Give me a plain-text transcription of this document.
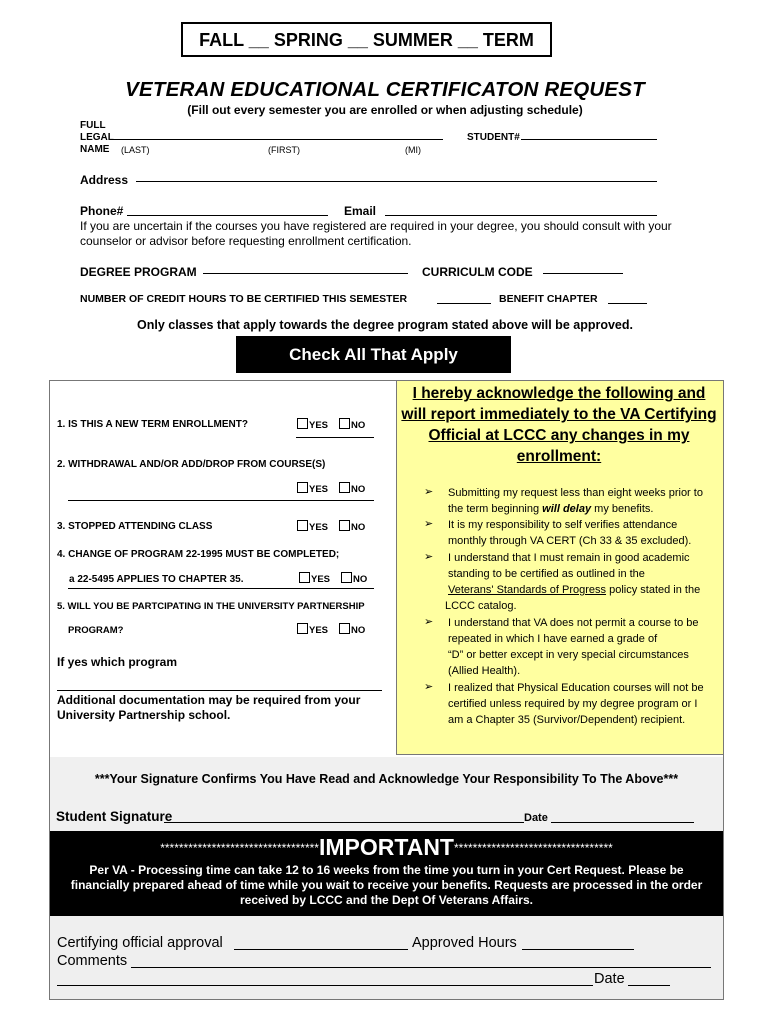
FALL __ SPRING __ SUMMER __ TERM
VETERAN EDUCATIONAL CERTIFICATON REQUEST
(Fill out every semester you are enrolled or when adjusting schedule)
FULL
LEGAL
NAME (LAST)	(FIRST)	(MI)
STUDENT#
Address
Phone#	Email
If you are uncertain if the courses you have registered are required in your degree, you should consult with your counselor or advisor before requesting enrollment certification.
DEGREE PROGRAM	CURRICULM CODE
NUMBER OF CREDIT HOURS TO BE CERTIFIED THIS SEMESTER	BENEFIT CHAPTER
Only classes that apply towards the degree program stated above will be approved.
Check All That Apply
1. IS THIS A NEW TERM ENROLLMENT?	YES	NO
2. WITHDRAWAL AND/OR ADD/DROP FROM COURSE(S)
YES	NO
3. STOPPED ATTENDING CLASS	YES	NO
4. CHANGE OF PROGRAM 22-1995 MUST BE COMPLETED;
a 22-5495 APPLIES TO CHAPTER 35.	YES	NO
5. WILL YOU BE PARTCIPATING IN THE UNIVERSITY PARTNERSHIP
PROGRAM?	YES	NO
If yes which program
Additional documentation may be required from your University Partnership school.
I hereby acknowledge the following and will report immediately to the VA Certifying Official at LCCC any changes in my enrollment:
➢ Submitting my request less than eight weeks prior to
the term beginning will delay my benefits.
➢ It is my responsibility to self verifies attendance
monthly through VA CERT (Ch 33 & 35 excluded).
➢ I understand that I must remain in good academic
standing to be certified as outlined in the
Veterans' Standards of Progress policy stated in the
LCCC catalog.
➢ I understand that VA does not permit a course to be
repeated in which I have earned a grade of
“D” or better except in very special circumstances
(Allied Health).
➢ I realized that Physical Education courses will not be
certified unless required by my degree program or I
am a Chapter 35 (Survivor/Dependent) recipient.
***Your Signature Confirms You Have Read and Acknowledge Your Responsibility To The Above***
Student Signature	Date
**********************************IMPORTANT**********************************
Per VA - Processing time can take 12 to 16 weeks from the time you turn in your Cert Request. Please be financially prepared ahead of time while you wait to receive your benefits. Requests are processed in the order received by LCCC and the Dept Of Veterans Affairs.
Certifying official approval	Approved Hours
Comments
Date
